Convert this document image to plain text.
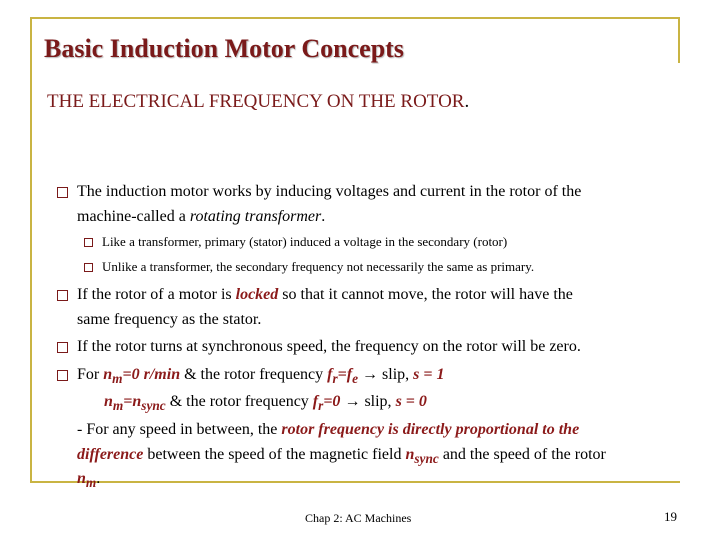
Basic Induction Motor Concepts
THE ELECTRICAL FREQUENCY ON THE ROTOR.
The induction motor works by inducing voltages and current in the rotor of the
machine-called a rotating transformer.
Like a transformer, primary (stator) induced a voltage in the secondary (rotor)
Unlike a transformer, the secondary frequency not necessarily the same as primary.
If the rotor of a motor is locked so that it cannot move, the rotor will have the
same frequency as the stator.
If the rotor turns at synchronous speed, the frequency on the rotor will be zero.
For $n_m=0$ r/min & the rotor frequency $f_r=f_e$ → slip, s = 1
$n_m=n_{sync}$ & the rotor frequency $f_r=0$ → slip, s = 0
- For any speed in between, the rotor frequency is directly proportional to the
difference between the speed of the magnetic field $n_{sync}$ and the speed of the rotor
$n_m$.
Chap 2: AC Machines	19
